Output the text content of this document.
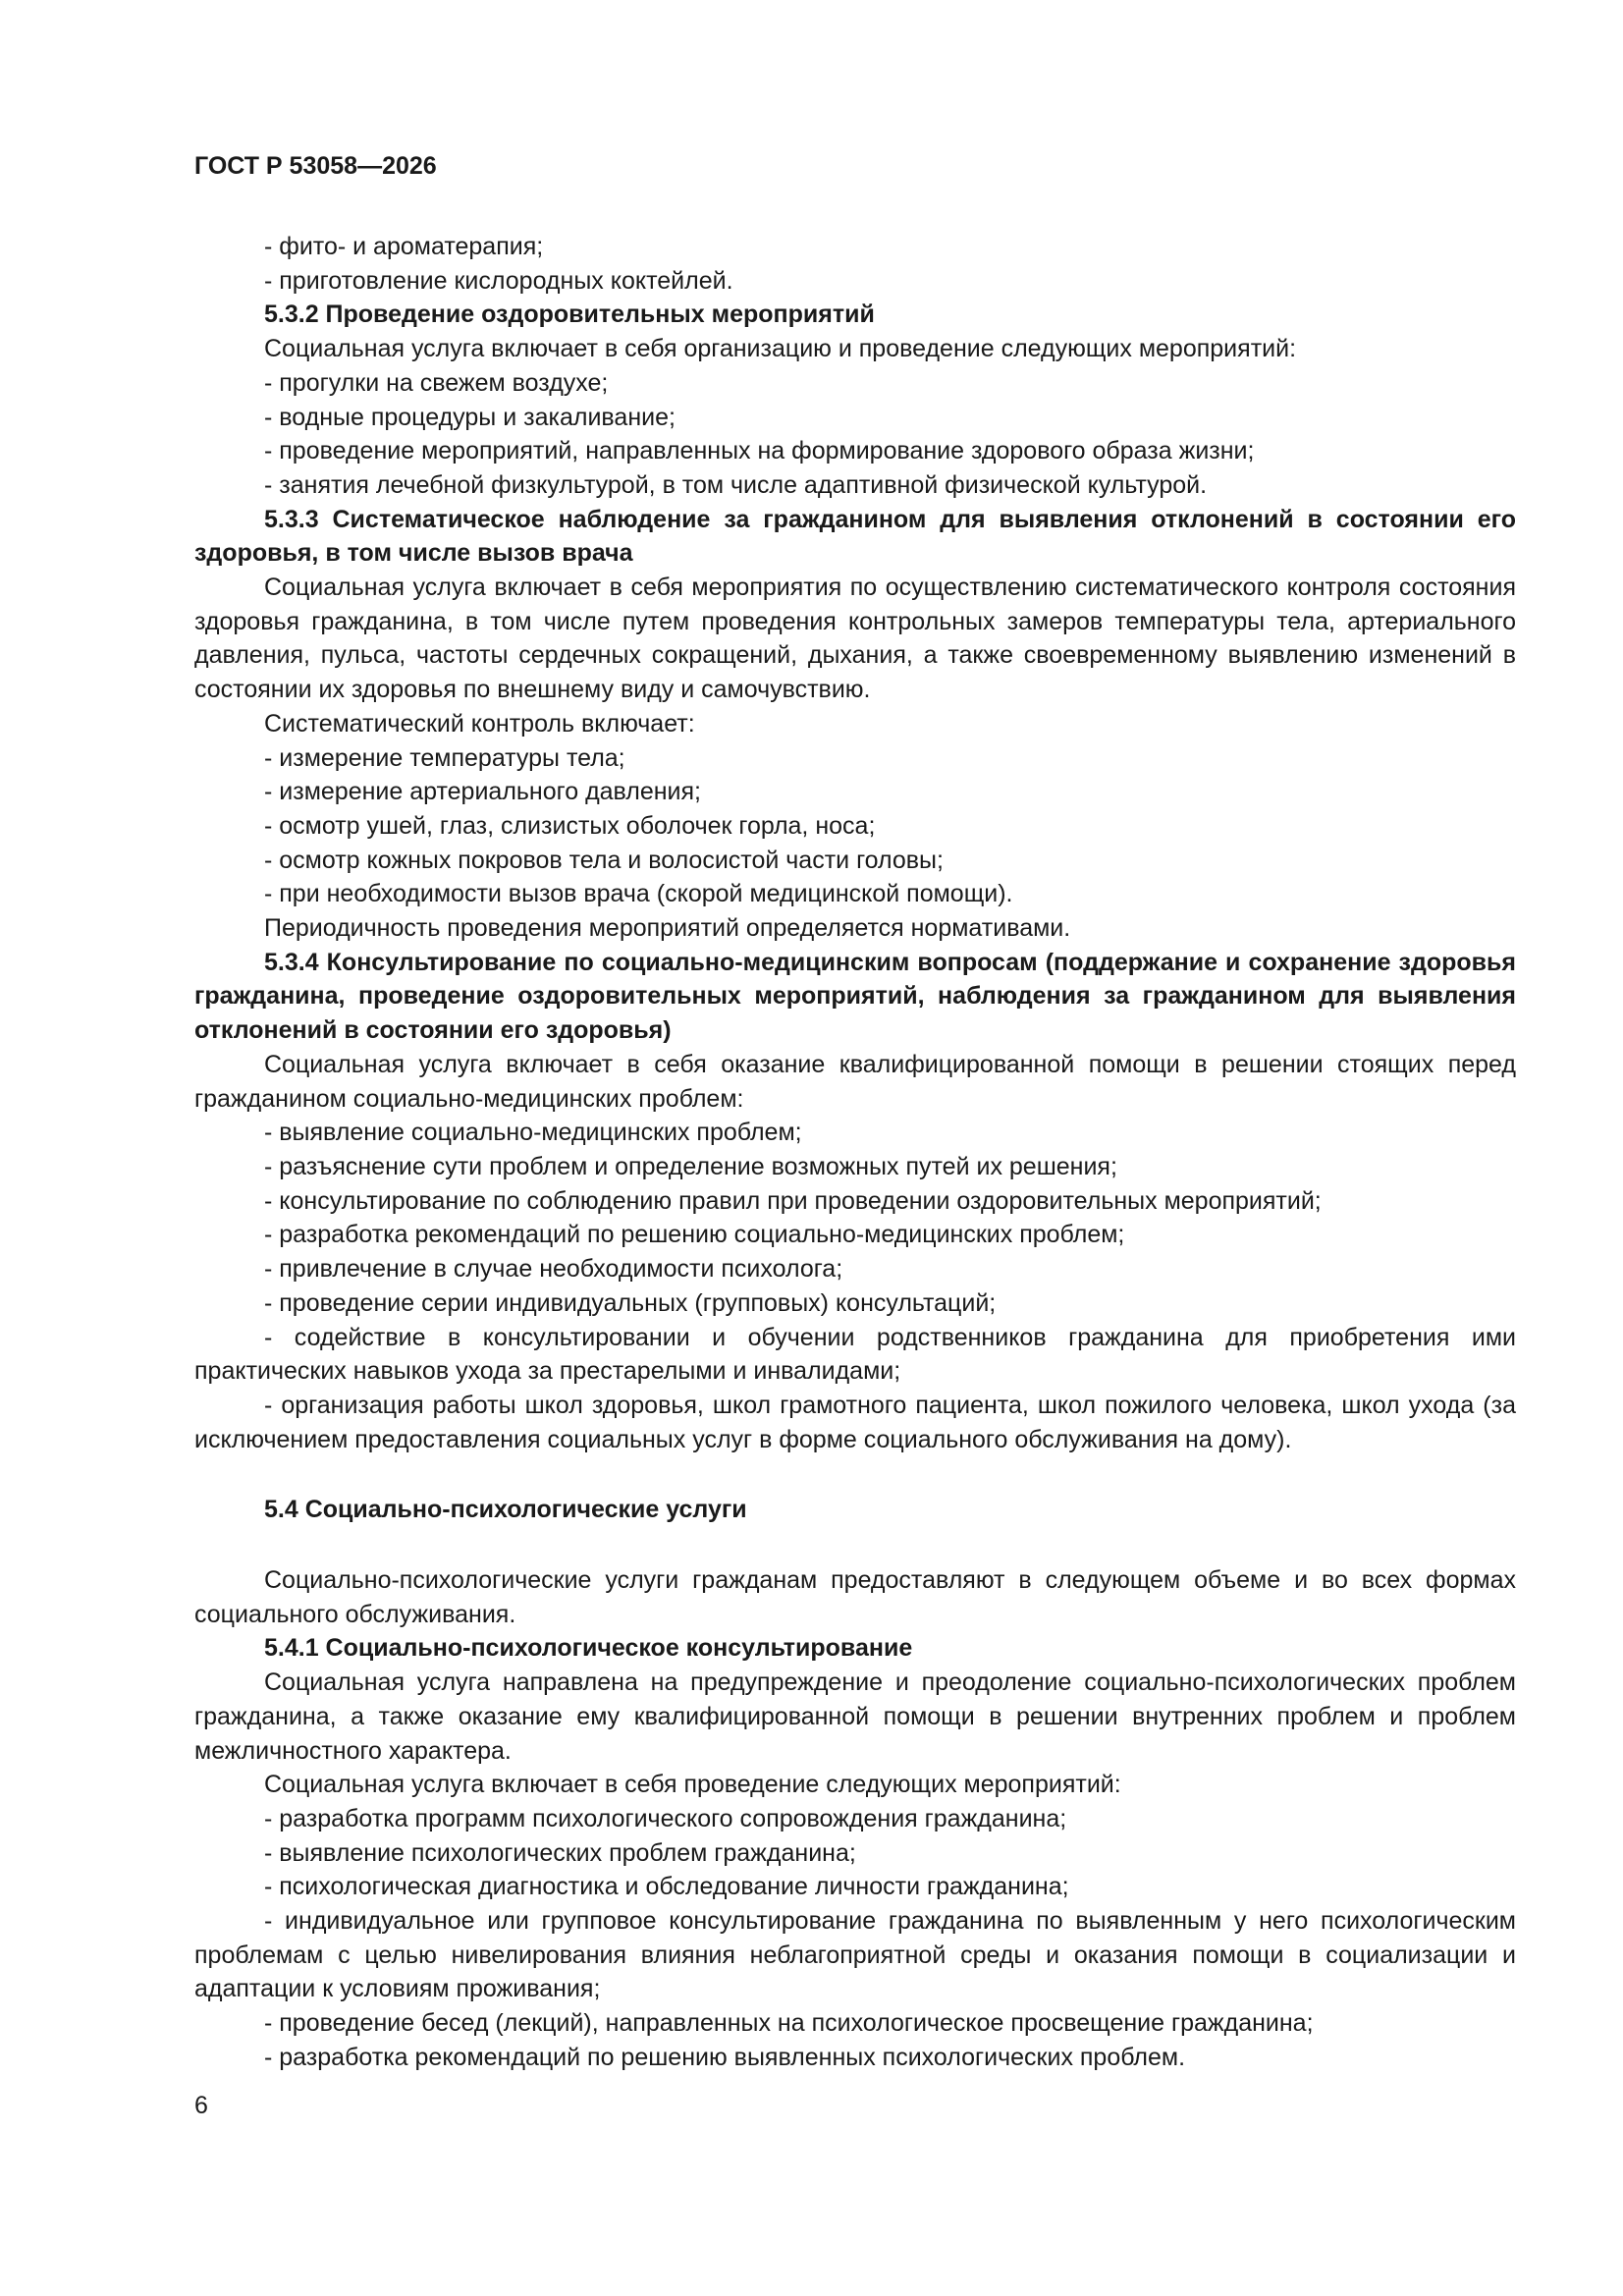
ГОСТ Р 53058—2026

- фито- и ароматерапия;

- приготовление кислородных коктейлей.

5.3.2 Проведение оздоровительных мероприятий

Социальная услуга включает в себя организацию и проведение следующих мероприятий:

- прогулки на свежем воздухе;

- водные процедуры и закаливание;

- проведение мероприятий, направленных на формирование здорового образа жизни;

- занятия лечебной физкультурой, в том числе адаптивной физической культурой.

5.3.3 Систематическое наблюдение за гражданином для выявления отклонений в состоянии его здоровья, в том числе вызов врача

Социальная услуга включает в себя мероприятия по осуществлению систематического контроля состояния здоровья гражданина, в том числе путем проведения контрольных замеров температуры тела, артериального давления, пульса, частоты сердечных сокращений, дыхания, а также своевременному выявлению изменений в состоянии их здоровья по внешнему виду и самочувствию.

Систематический контроль включает:

- измерение температуры тела;

- измерение артериального давления;

- осмотр ушей, глаз, слизистых оболочек горла, носа;

- осмотр кожных покровов тела и волосистой части головы;

- при необходимости вызов врача (скорой медицинской помощи).

Периодичность проведения мероприятий определяется нормативами.

5.3.4 Консультирование по социально-медицинским вопросам (поддержание и сохранение здоровья гражданина, проведение оздоровительных мероприятий, наблюдения за гражданином для выявления отклонений в состоянии его здоровья)

Социальная услуга включает в себя оказание квалифицированной помощи в решении стоящих перед гражданином социально-медицинских проблем:

- выявление социально-медицинских проблем;

- разъяснение сути проблем и определение возможных путей их решения;

- консультирование по соблюдению правил при проведении оздоровительных мероприятий;

- разработка рекомендаций по решению социально-медицинских проблем;

- привлечение в случае необходимости психолога;

- проведение серии индивидуальных (групповых) консультаций;

- содействие в консультировании и обучении родственников гражданина для приобретения ими практических навыков ухода за престарелыми и инвалидами;

- организация работы школ здоровья, школ грамотного пациента, школ пожилого человека, школ ухода (за исключением предоставления социальных услуг в форме социального обслуживания на дому).

5.4 Социально-психологические услуги

Социально-психологические услуги гражданам предоставляют в следующем объеме и во всех формах социального обслуживания.

5.4.1 Социально-психологическое консультирование

Социальная услуга направлена на предупреждение и преодоление социально-психологических проблем гражданина, а также оказание ему квалифицированной помощи в решении внутренних проблем и проблем межличностного характера.

Социальная услуга включает в себя проведение следующих мероприятий:

- разработка программ психологического сопровождения гражданина;

- выявление психологических проблем гражданина;

- психологическая диагностика и обследование личности гражданина;

- индивидуальное или групповое консультирование гражданина по выявленным у него психологическим проблемам с целью нивелирования влияния неблагоприятной среды и оказания помощи в социализации и адаптации к условиям проживания;

- проведение бесед (лекций), направленных на психологическое просвещение гражданина;

- разработка рекомендаций по решению выявленных психологических проблем.

6
